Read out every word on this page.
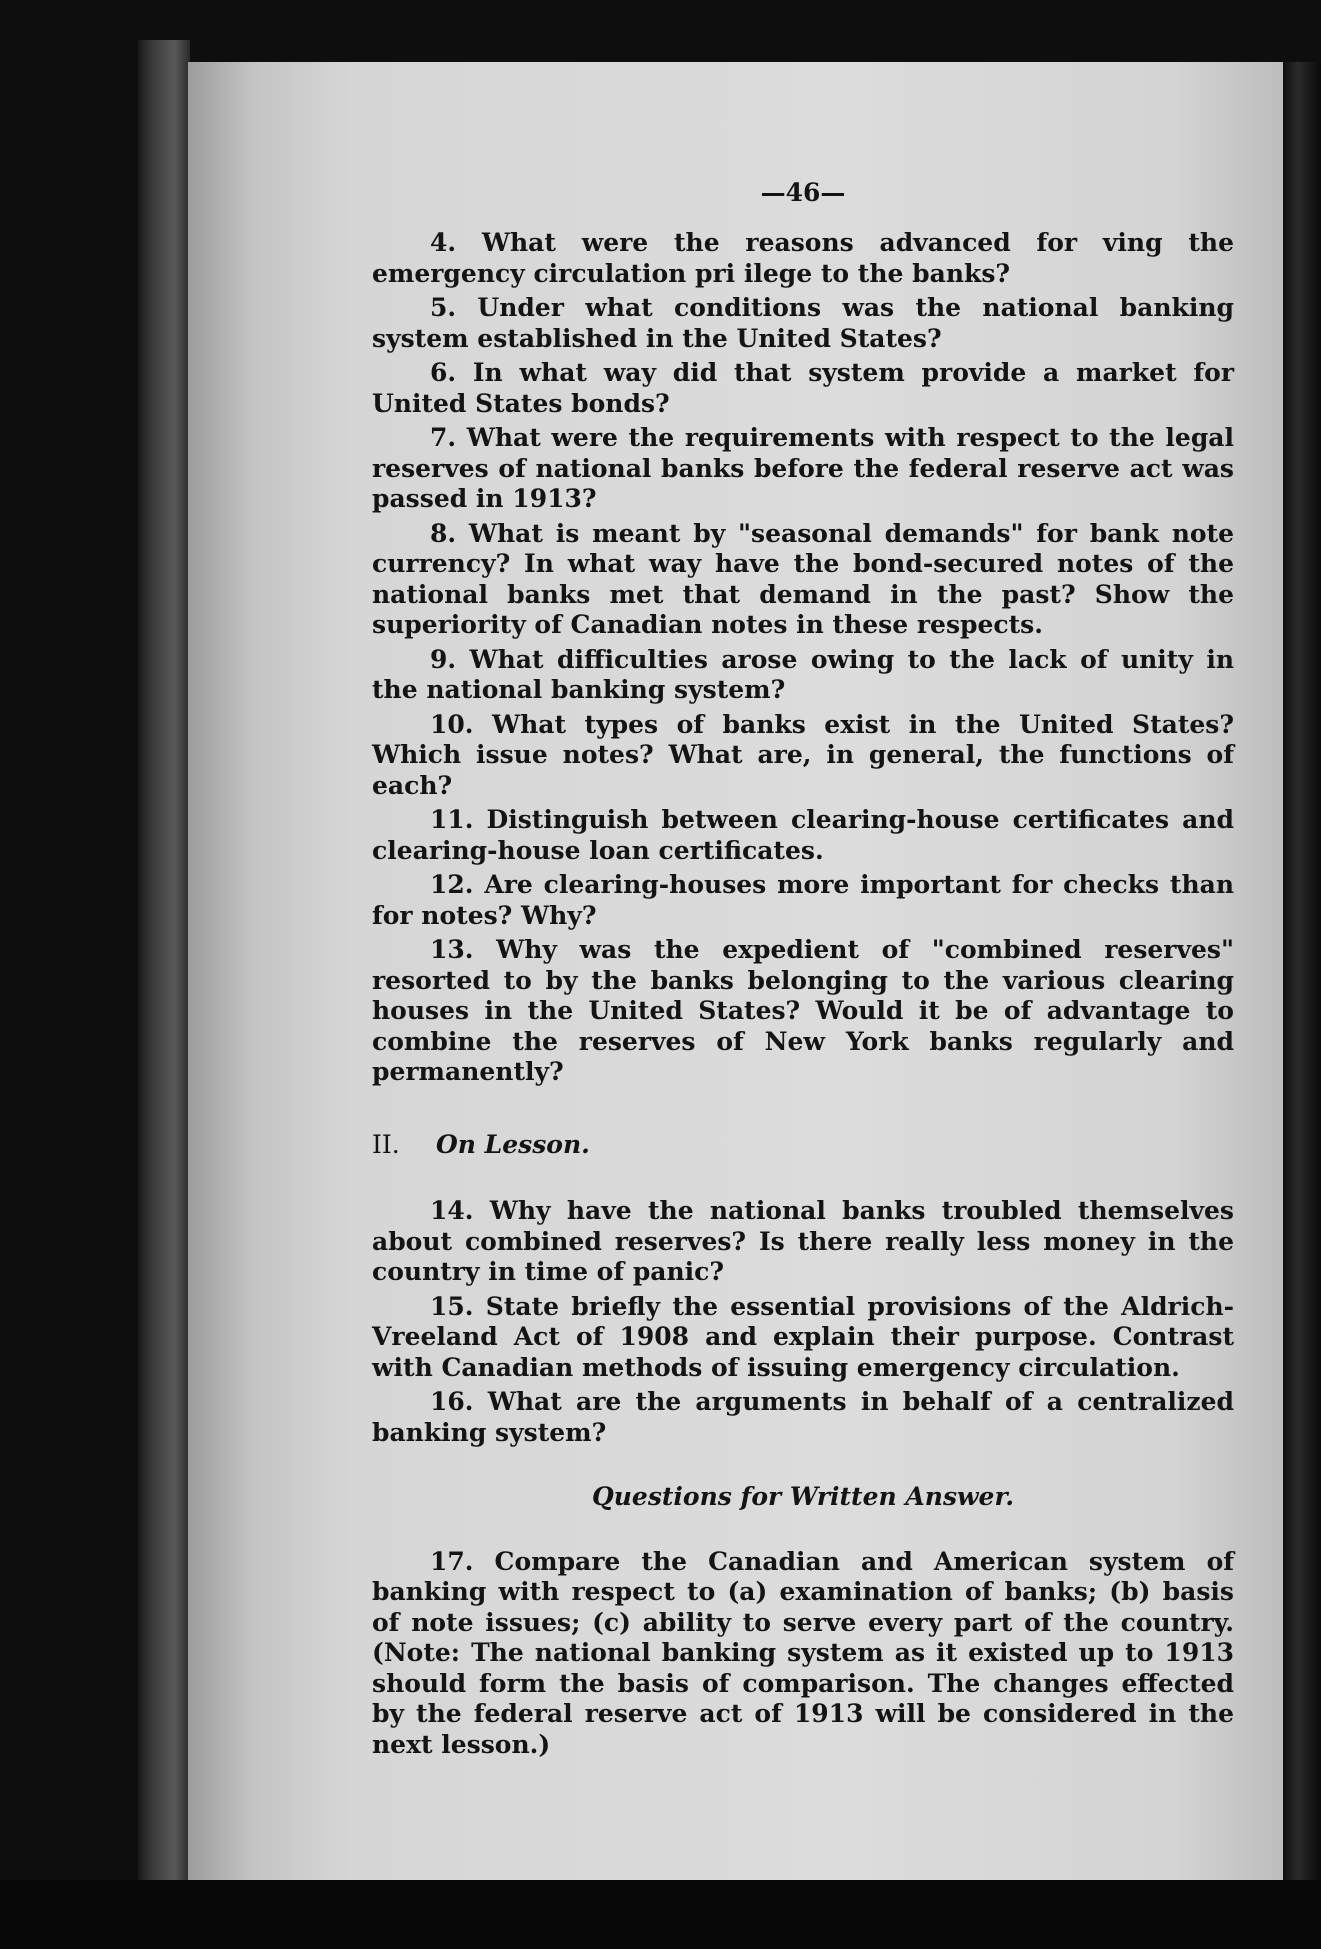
—46—

4. What were the reasons advanced for ving the emergency circulation pri ilege to the banks?

5. Under what conditions was the national banking system established in the United States?

6. In what way did that system provide a market for United States bonds?

7. What were the requirements with respect to the legal reserves of national banks before the federal reserve act was passed in 1913?

8. What is meant by "seasonal demands" for bank note currency? In what way have the bond-secured notes of the national banks met that demand in the past? Show the superiority of Canadian notes in these respects.

9. What difficulties arose owing to the lack of unity in the national banking system?

10. What types of banks exist in the United States? Which issue notes? What are, in general, the functions of each?

11. Distinguish between clearing-house certificates and clearing-house loan certificates.

12. Are clearing-houses more important for checks than for notes? Why?

13. Why was the expedient of "combined reserves" resorted to by the banks belonging to the various clearing houses in the United States? Would it be of advantage to combine the reserves of New York banks regularly and permanently?

II. On Lesson.

14. Why have the national banks troubled themselves about combined reserves? Is there really less money in the country in time of panic?

15. State briefly the essential provisions of the Aldrich-Vreeland Act of 1908 and explain their purpose. Contrast with Canadian methods of issuing emergency circulation.

16. What are the arguments in behalf of a centralized banking system?

Questions for Written Answer.

17. Compare the Canadian and American system of banking with respect to (a) examination of banks; (b) basis of note issues; (c) ability to serve every part of the country. (Note: The national banking system as it existed up to 1913 should form the basis of comparison. The changes effected by the federal reserve act of 1913 will be considered in the next lesson.)
